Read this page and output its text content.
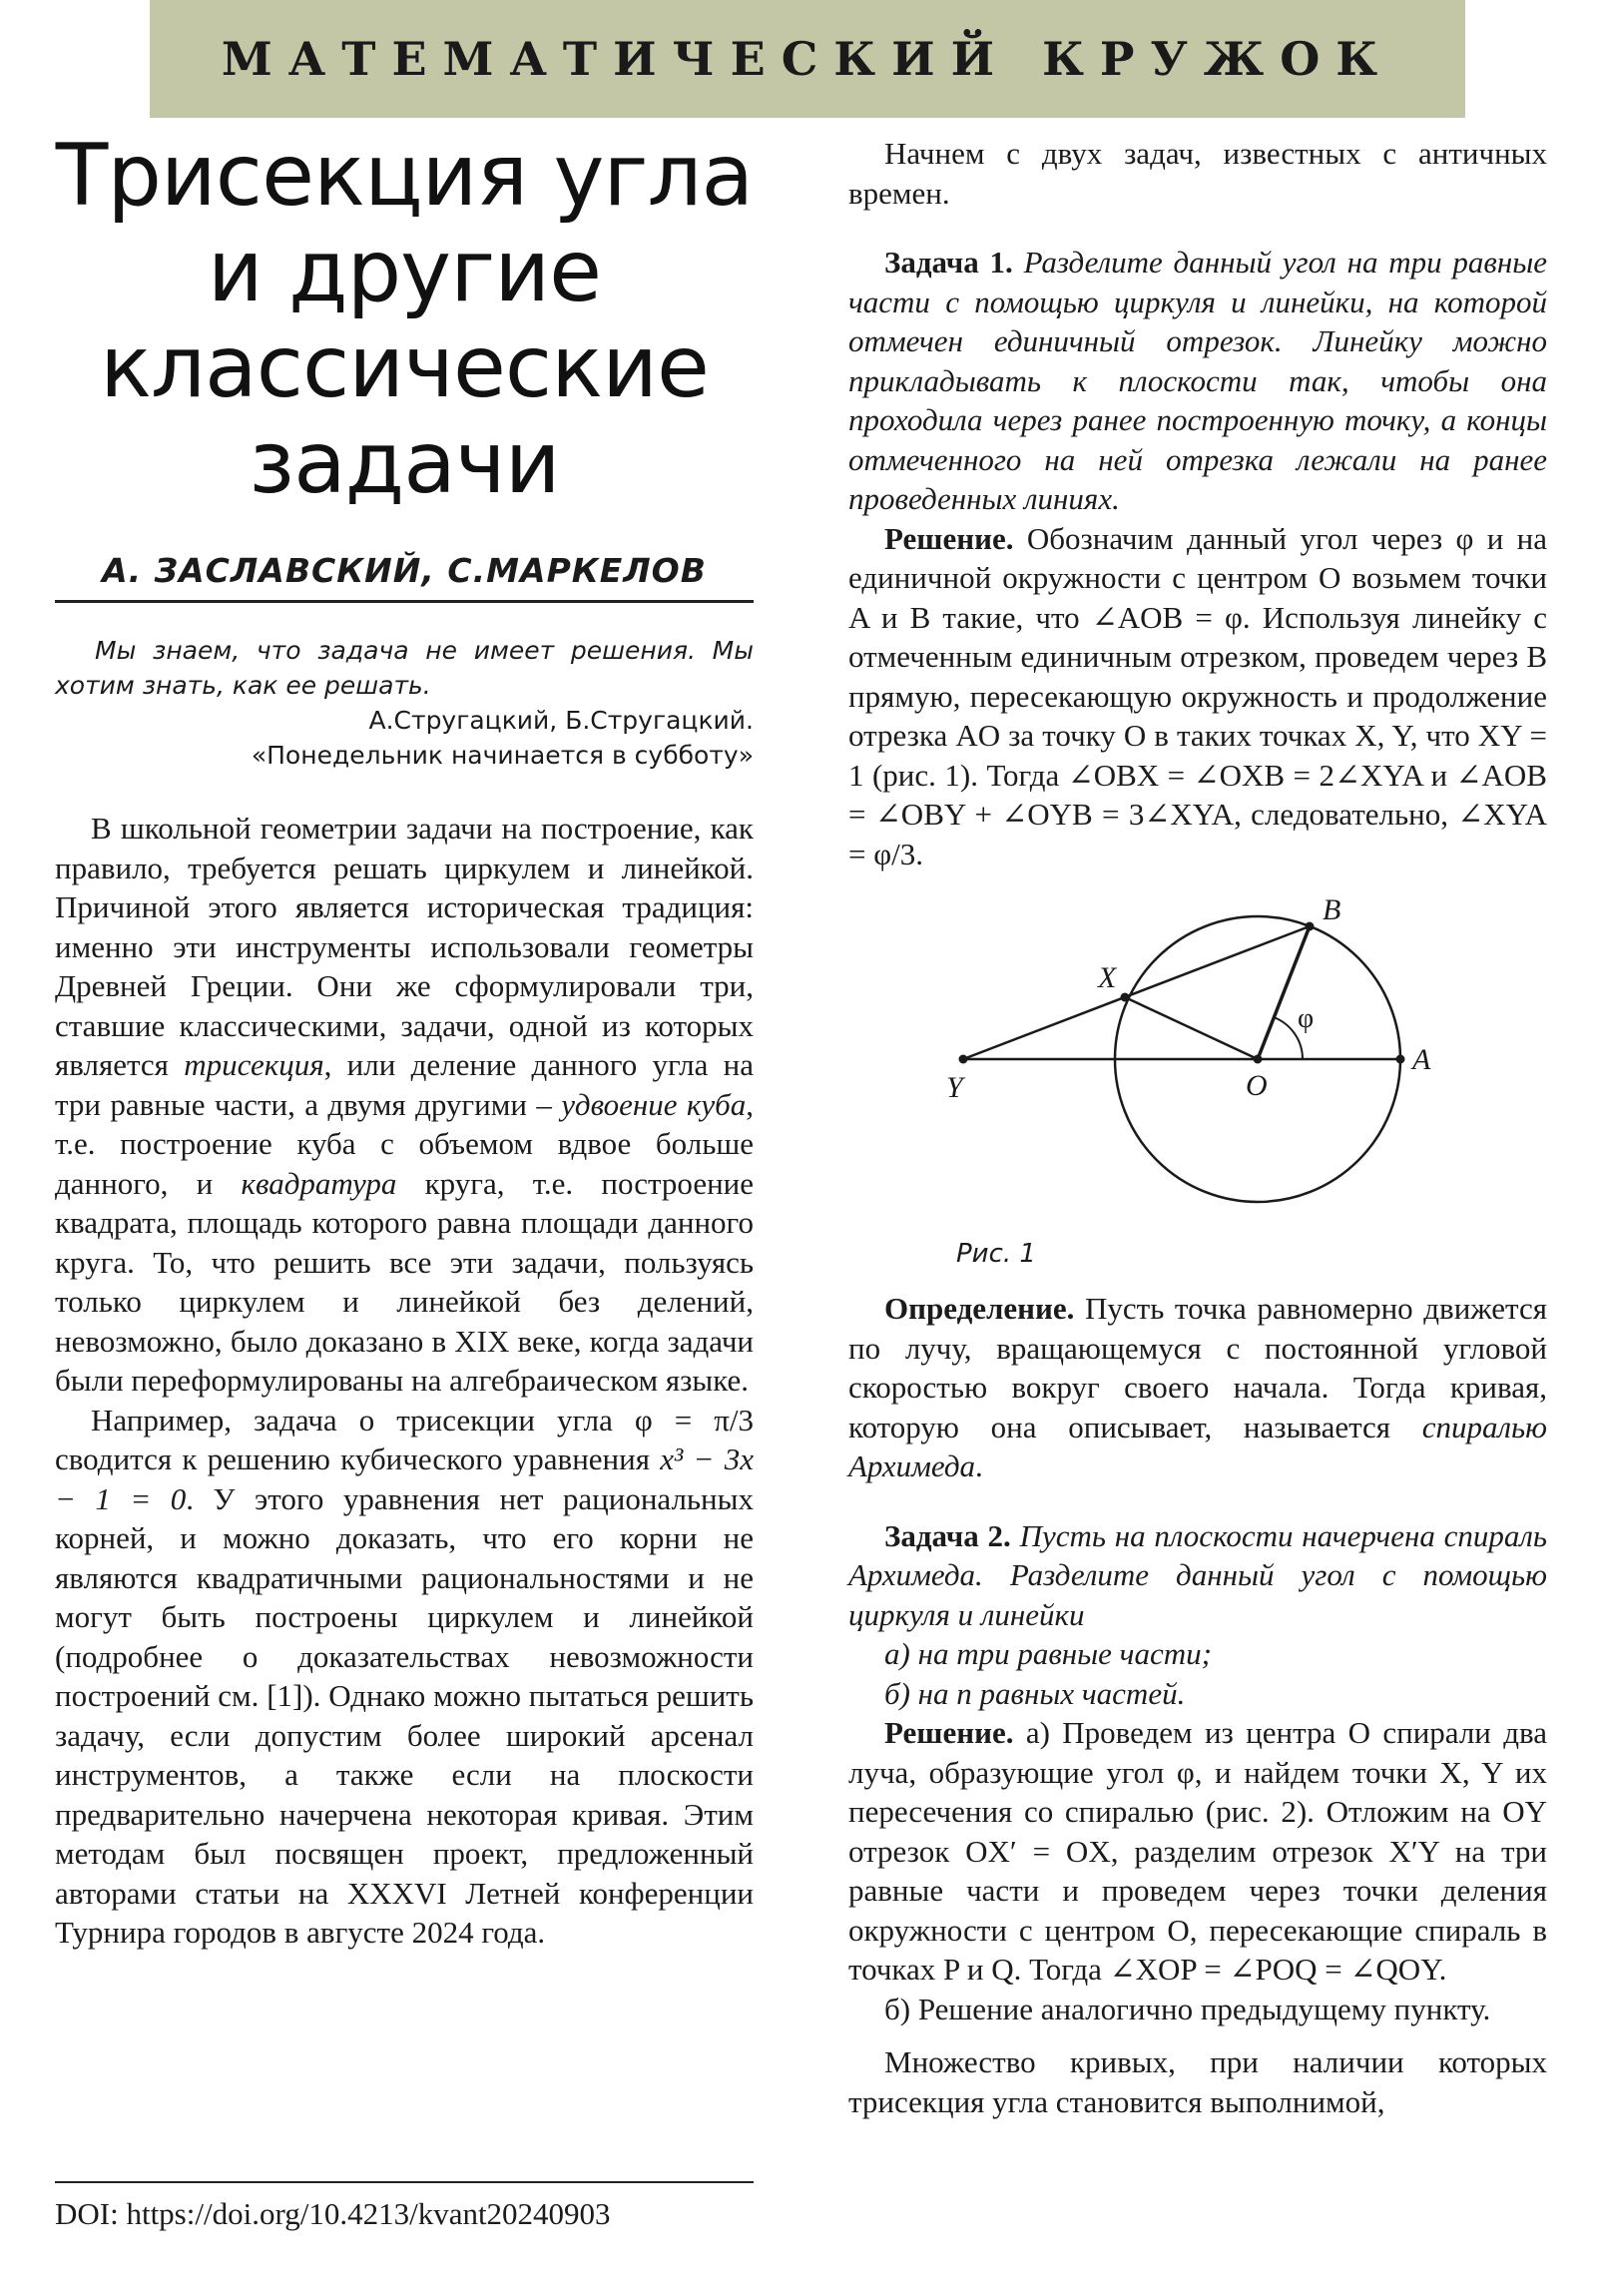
МАТЕМАТИЧЕСКИЙ КРУЖОК
Трисекция угла
и другие
классические
задачи
А. ЗАСЛАВСКИЙ, С.МАРКЕЛОВ
Мы знаем, что задача не имеет решения. Мы хотим знать, как ее решать.
А.Стругацкий, Б.Стругацкий.
«Понедельник начинается в субботу»

В школьной геометрии задачи на построение, как правило, требуется решать циркулем и линейкой. Причиной этого является историческая традиция: именно эти инструменты использовали геометры Древней Греции. Они же сформулировали три, ставшие классическими, задачи, одной из которых является трисекция, или деление данного угла на три равные части, а двумя другими – удвоение куба, т.е. построение куба с объемом вдвое больше данного, и квадратура круга, т.е. построение квадрата, площадь которого равна площади данного круга. То, что решить все эти задачи, пользуясь только циркулем и линейкой без делений, невозможно, было доказано в XIX веке, когда задачи были переформулированы на алгебраическом языке.

Например, задача о трисекции угла φ = π/3 сводится к решению кубического уравнения x³ − 3x − 1 = 0. У этого уравнения нет рациональных корней, и можно доказать, что его корни не являются квадратичными рациональностями и не могут быть построены циркулем и линейкой (подробнее о доказательствах невозможности построений см. [1]). Однако можно пытаться решить задачу, если допустим более широкий арсенал инструментов, а также если на плоскости предварительно начерчена некоторая кривая. Этим методам был посвящен проект, предложенный авторами статьи на XXXVI Летней конференции Турнира городов в августе 2024 года.

DOI: https://doi.org/10.4213/kvant20240903

Начнем с двух задач, известных с античных времен.

Задача 1. Разделите данный угол на три равные части с помощью циркуля и линейки, на которой отмечен единичный отрезок. Линейку можно прикладывать к плоскости так, чтобы она проходила через ранее построенную точку, а концы отмеченного на ней отрезка лежали на ранее проведенных линиях.

Решение. Обозначим данный угол через φ и на единичной окружности с центром O возьмем точки A и B такие, что ∠AOB = φ. Используя линейку с отмеченным единичным отрезком, проведем через B прямую, пересекающую окружность и продолжение отрезка AO за точку O в таких точках X, Y, что XY = 1 (рис. 1). Тогда ∠OBX = ∠OXB = 2∠XYA и ∠AOB = ∠OBY + ∠OYB = 3∠XYA, следовательно, ∠XYA = φ/3.

B
X
Y	O
A
φ
Рис. 1

Определение. Пусть точка равномерно движется по лучу, вращающемуся с постоянной угловой скоростью вокруг своего начала. Тогда кривая, которую она описывает, называется спиралью Архимеда.

Задача 2. Пусть на плоскости начерчена спираль Архимеда. Разделите данный угол с помощью циркуля и линейки

а) на три равные части;

б) на n равных частей.

Решение. а) Проведем из центра O спирали два луча, образующие угол φ, и найдем точки X, Y их пересечения со спиралью (рис. 2). Отложим на OY отрезок OX′ = OX, разделим отрезок X′Y на три равные части и проведем через точки деления окружности с центром O, пересекающие спираль в точках P и Q. Тогда ∠XOP = ∠POQ = ∠QOY.

б) Решение аналогично предыдущему пункту.

Множество кривых, при наличии которых трисекция угла становится выполнимой,
